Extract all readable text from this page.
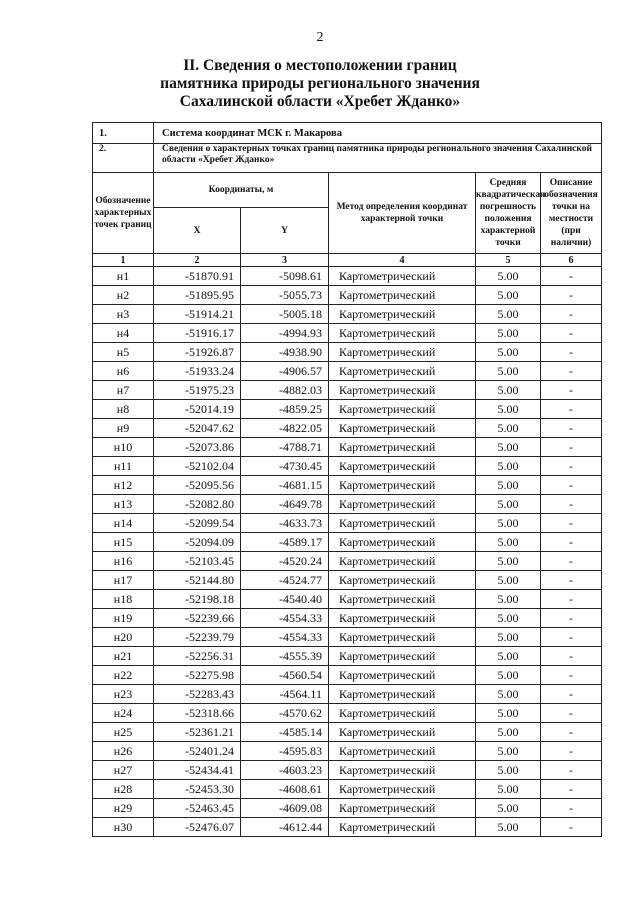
2
II. Сведения о местоположении границ
памятника природы регионального значения
Сахалинской области «Хребет Жданко»
1.	Система координат МСК г. Макарова				
2.	Сведения о характерных точках границ памятника природы регионального значения Сахалинской области «Хребет Жданко»				
Обозначение характерных точек границ	Координаты, м		Метод определения координат характерной точки	Средняя квадратическая погрешность положения характерной точки	Описание обозначения точки на местности (при наличии)
	X	Y			
1	2	3	4	5	6
н1	-51870.91	-5098.61	Картометрический	5.00	-
н2	-51895.95	-5055.73	Картометрический	5.00	-
н3	-51914.21	-5005.18	Картометрический	5.00	-
н4	-51916.17	-4994.93	Картометрический	5.00	-
н5	-51926.87	-4938.90	Картометрический	5.00	-
н6	-51933.24	-4906.57	Картометрический	5.00	-
н7	-51975.23	-4882.03	Картометрический	5.00	-
н8	-52014.19	-4859.25	Картометрический	5.00	-
н9	-52047.62	-4822.05	Картометрический	5.00	-
н10	-52073.86	-4788.71	Картометрический	5.00	-
н11	-52102.04	-4730.45	Картометрический	5.00	-
н12	-52095.56	-4681.15	Картометрический	5.00	-
н13	-52082.80	-4649.78	Картометрический	5.00	-
н14	-52099.54	-4633.73	Картометрический	5.00	-
н15	-52094.09	-4589.17	Картометрический	5.00	-
н16	-52103.45	-4520.24	Картометрический	5.00	-
н17	-52144.80	-4524.77	Картометрический	5.00	-
н18	-52198.18	-4540.40	Картометрический	5.00	-
н19	-52239.66	-4554.33	Картометрический	5.00	-
н20	-52239.79	-4554.33	Картометрический	5.00	-
н21	-52256.31	-4555.39	Картометрический	5.00	-
н22	-52275.98	-4560.54	Картометрический	5.00	-
н23	-52283.43	-4564.11	Картометрический	5.00	-
н24	-52318.66	-4570.62	Картометрический	5.00	-
н25	-52361.21	-4585.14	Картометрический	5.00	-
н26	-52401.24	-4595.83	Картометрический	5.00	-
н27	-52434.41	-4603.23	Картометрический	5.00	-
н28	-52453.30	-4608.61	Картометрический	5.00	-
н29	-52463.45	-4609.08	Картометрический	5.00	-
н30	-52476.07	-4612.44	Картометрический	5.00	-
